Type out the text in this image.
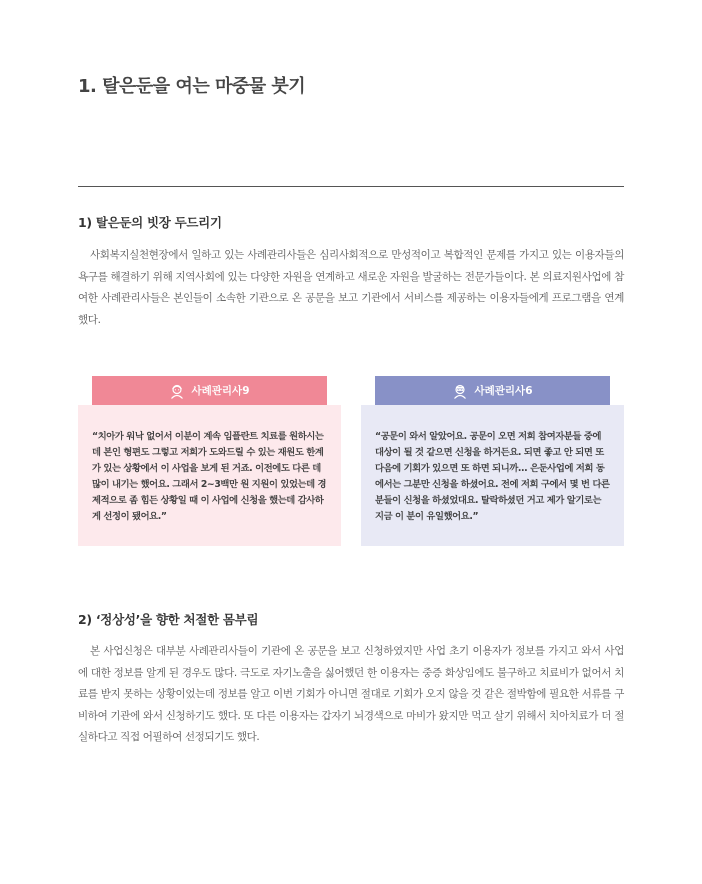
1. 탈은둔을 여는 마중물 붓기
1) 탈은둔의 빗장 두드리기

사회복지실천현장에서 일하고 있는 사례관리사들은 심리사회적으로 만성적이고 복합적인 문제를 가지고 있는 이용자들의 욕구를 해결하기 위해 지역사회에 있는 다양한 자원을 연계하고 새로운 자원을 발굴하는 전문가들이다. 본 의료지원사업에 참여한 사례관리사들은 본인들이 소속한 기관으로 온 공문을 보고 기관에서 서비스를 제공하는 이용자들에게 프로그램을 연계했다.

“치아가 워낙 없어서 이분이 계속 임플란트 치료를 원하시는데 본인 형편도 그렇고 저희가 도와드릴 수 있는 재원도 한계가 있는 상황에서 이 사업을 보게 된 거죠. 이전에도 다른 데 많이 내기는 했어요. 그래서 2~3백만 원 지원이 있었는데 경제적으로 좀 힘든 상황일 때 이 사업에 신청을 했는데 감사하게 선정이 됐어요.”
사례관리사9
“공문이 와서 알았어요. 공문이 오면 저희 참여자분들 중에 대상이 될 것 같으면 신청을 하거든요. 되면 좋고 안 되면 또 다음에 기회가 있으면 또 하면 되니까... 은둔사업에 저희 동에서는 그분만 신청을 하셨어요. 전에 저희 구에서 몇 번 다른 분들이 신청을 하셨었대요. 탈락하셨던 거고 제가 알기로는 지금 이 분이 유일했어요.”
사례관리사6
2) ‘정상성’을 향한 처절한 몸부림

본 사업신청은 대부분 사례관리사들이 기관에 온 공문을 보고 신청하였지만 사업 초기 이용자가 정보를 가지고 와서 사업에 대한 정보를 알게 된 경우도 많다. 극도로 자기노출을 싫어했던 한 이용자는 중증 화상임에도 불구하고 치료비가 없어서 치료를 받지 못하는 상황이었는데 정보를 알고 이번 기회가 아니면 절대로 기회가 오지 않을 것 같은 절박함에 필요한 서류를 구비하여 기관에 와서 신청하기도 했다. 또 다른 이용자는 갑자기 뇌경색으로 마비가 왔지만 먹고 살기 위해서 치아치료가 더 절실하다고 직접 어필하여 선정되기도 했다.
